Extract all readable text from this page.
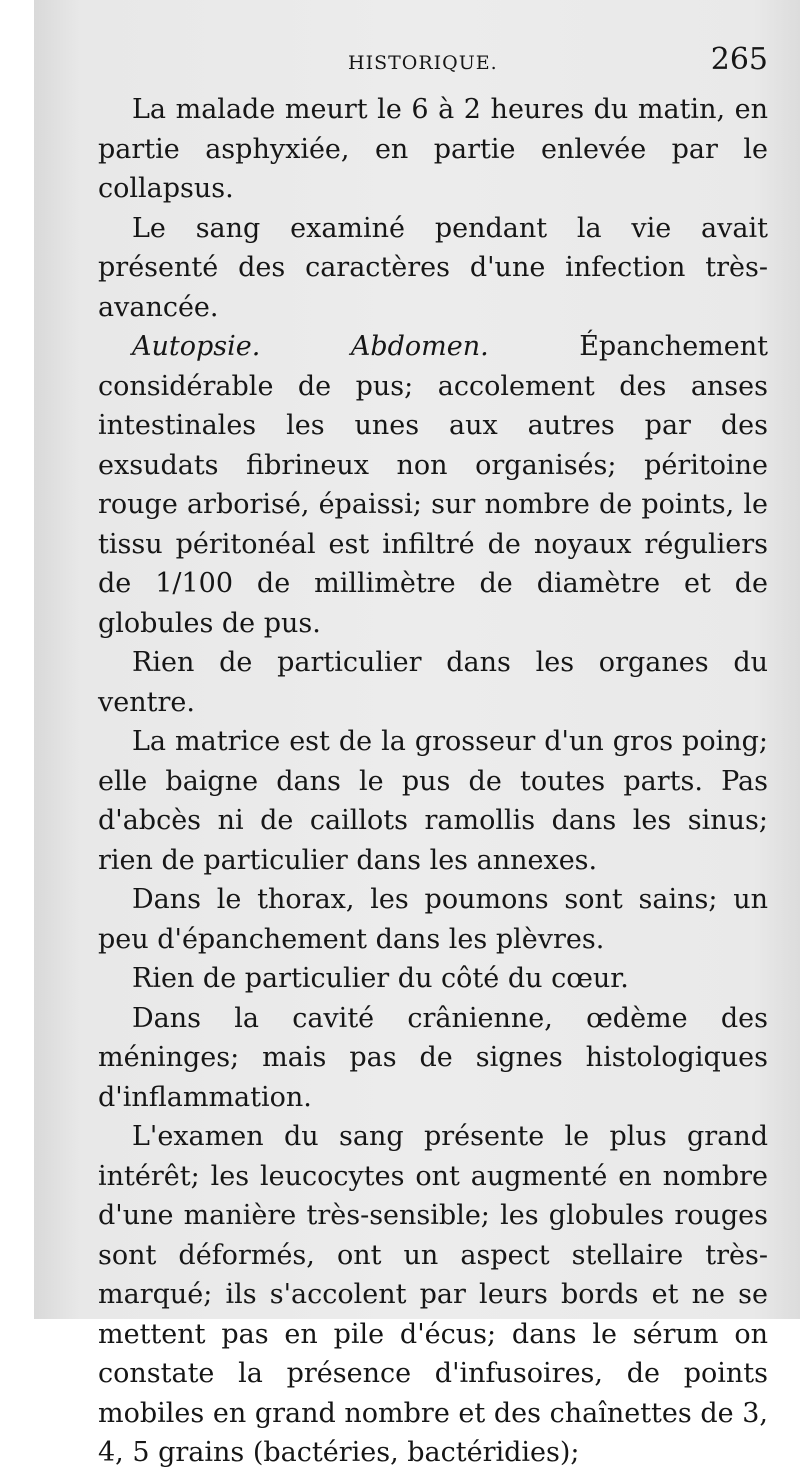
HISTORIQUE.	265

La malade meurt le 6 à 2 heures du matin, en partie asphyxiée, en partie enlevée par le collapsus.

Le sang examiné pendant la vie avait présenté des caractères d'une infection très-avancée.

Autopsie. Abdomen. Épanchement considérable de pus; accolement des anses intestinales les unes aux autres par des exsudats fibrineux non organisés; péritoine rouge arborisé, épaissi; sur nombre de points, le tissu péritonéal est infiltré de noyaux réguliers de 1/100 de millimètre de diamètre et de globules de pus.

Rien de particulier dans les organes du ventre.

La matrice est de la grosseur d'un gros poing; elle baigne dans le pus de toutes parts. Pas d'abcès ni de caillots ramollis dans les sinus; rien de particulier dans les annexes.

Dans le thorax, les poumons sont sains; un peu d'épanchement dans les plèvres.

Rien de particulier du côté du cœur.

Dans la cavité crânienne, œdème des méninges; mais pas de signes histologiques d'inflammation.

L'examen du sang présente le plus grand intérêt; les leucocytes ont augmenté en nombre d'une manière très-sensible; les globules rouges sont déformés, ont un aspect stellaire très-marqué; ils s'accolent par leurs bords et ne se mettent pas en pile d'écus; dans le sérum on constate la présence d'infusoires, de points mobiles en grand nombre et des chaînettes de 3, 4, 5 grains (bactéries, bactéridies);
